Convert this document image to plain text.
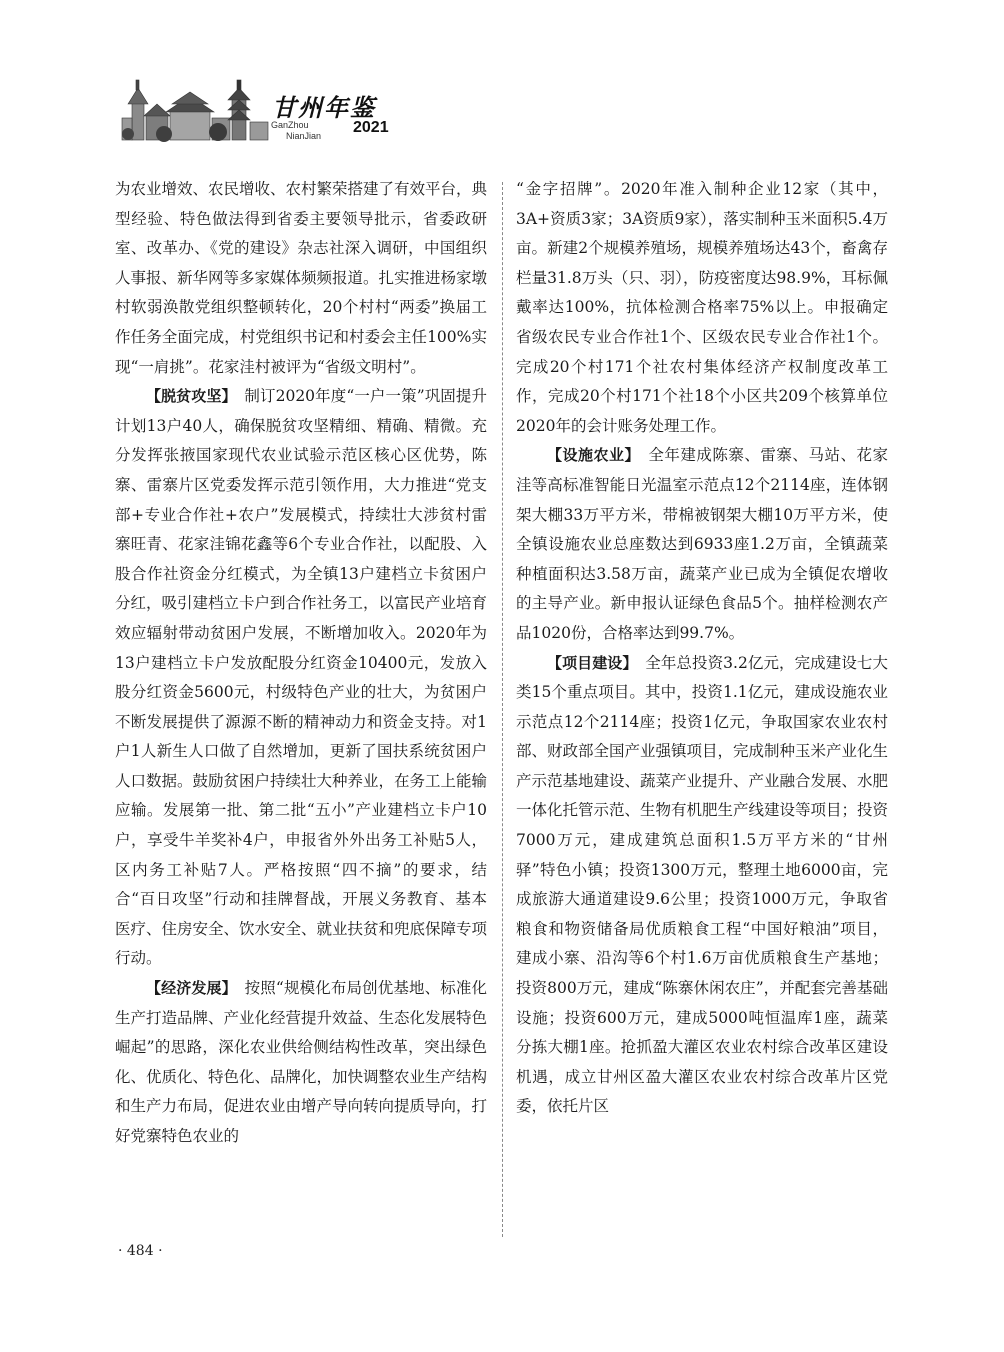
甘州年鉴
GanZhou
NianJian 2021

为农业增效、农民增收、农村繁荣搭建了有效平台，典型经验、特色做法得到省委主要领导批示，省委政研室、改革办、《党的建设》杂志社深入调研，中国组织人事报、新华网等多家媒体频频报道。扎实推进杨家墩村软弱涣散党组织整顿转化，20个村村“两委”换届工作任务全面完成，村党组织书记和村委会主任100%实现“一肩挑”。花家洼村被评为“省级文明村”。

【脱贫攻坚】  制订2020年度“一户一策”巩固提升计划13户40人，确保脱贫攻坚精细、精确、精微。充分发挥张掖国家现代农业试验示范区核心区优势，陈寨、雷寨片区党委发挥示范引领作用，大力推进“党支部+专业合作社+农户”发展模式，持续壮大涉贫村雷寨旺青、花家洼锦花鑫等6个专业合作社，以配股、入股合作社资金分红模式，为全镇13户建档立卡贫困户分红，吸引建档立卡户到合作社务工，以富民产业培育效应辐射带动贫困户发展，不断增加收入。2020年为13户建档立卡户发放配股分红资金10400元，发放入股分红资金5600元，村级特色产业的壮大，为贫困户不断发展提供了源源不断的精神动力和资金支持。对1户1人新生人口做了自然增加，更新了国扶系统贫困户人口数据。鼓励贫困户持续壮大种养业，在务工上能输应输。发展第一批、第二批“五小”产业建档立卡户10户，享受牛羊奖补4户，申报省外外出务工补贴5人，区内务工补贴7人。严格按照“四不摘”的要求，结合“百日攻坚”行动和挂牌督战，开展义务教育、基本医疗、住房安全、饮水安全、就业扶贫和兜底保障专项行动。

【经济发展】  按照“规模化布局创优基地、标准化生产打造品牌、产业化经营提升效益、生态化发展特色崛起”的思路，深化农业供给侧结构性改革，突出绿色化、优质化、特色化、品牌化，加快调整农业生产结构和生产力布局，促进农业由增产导向转向提质导向，打好党寨特色农业的

“金字招牌”。2020年准入制种企业12家（其中，3A+资质3家；3A资质9家），落实制种玉米面积5.4万亩。新建2个规模养殖场，规模养殖场达43个，畜禽存栏量31.8万头（只、羽），防疫密度达98.9%，耳标佩戴率达100%，抗体检测合格率75%以上。申报确定省级农民专业合作社1个、区级农民专业合作社1个。完成20个村171个社农村集体经济产权制度改革工作，完成20个村171个社18个小区共209个核算单位2020年的会计账务处理工作。

【设施农业】  全年建成陈寨、雷寨、马站、花家洼等高标准智能日光温室示范点12个2114座，连体钢架大棚33万平方米，带棉被钢架大棚10万平方米，使全镇设施农业总座数达到6933座1.2万亩，全镇蔬菜种植面积达3.58万亩，蔬菜产业已成为全镇促农增收的主导产业。新申报认证绿色食品5个。抽样检测农产品1020份，合格率达到99.7%。

【项目建设】  全年总投资3.2亿元，完成建设七大类15个重点项目。其中，投资1.1亿元，建成设施农业示范点12个2114座；投资1亿元，争取国家农业农村部、财政部全国产业强镇项目，完成制种玉米产业化生产示范基地建设、蔬菜产业提升、产业融合发展、水肥一体化托管示范、生物有机肥生产线建设等项目；投资7000万元，建成建筑总面积1.5万平方米的“甘州驿”特色小镇；投资1300万元，整理土地6000亩，完成旅游大通道建设9.6公里；投资1000万元，争取省粮食和物资储备局优质粮食工程“中国好粮油”项目，建成小寨、沿沟等6个村1.6万亩优质粮食生产基地；投资800万元，建成“陈寨休闲农庄”，并配套完善基础设施；投资600万元，建成5000吨恒温库1座，蔬菜分拣大棚1座。抢抓盈大灌区农业农村综合改革区建设机遇，成立甘州区盈大灌区农业农村综合改革片区党委，依托片区

· 484 ·
